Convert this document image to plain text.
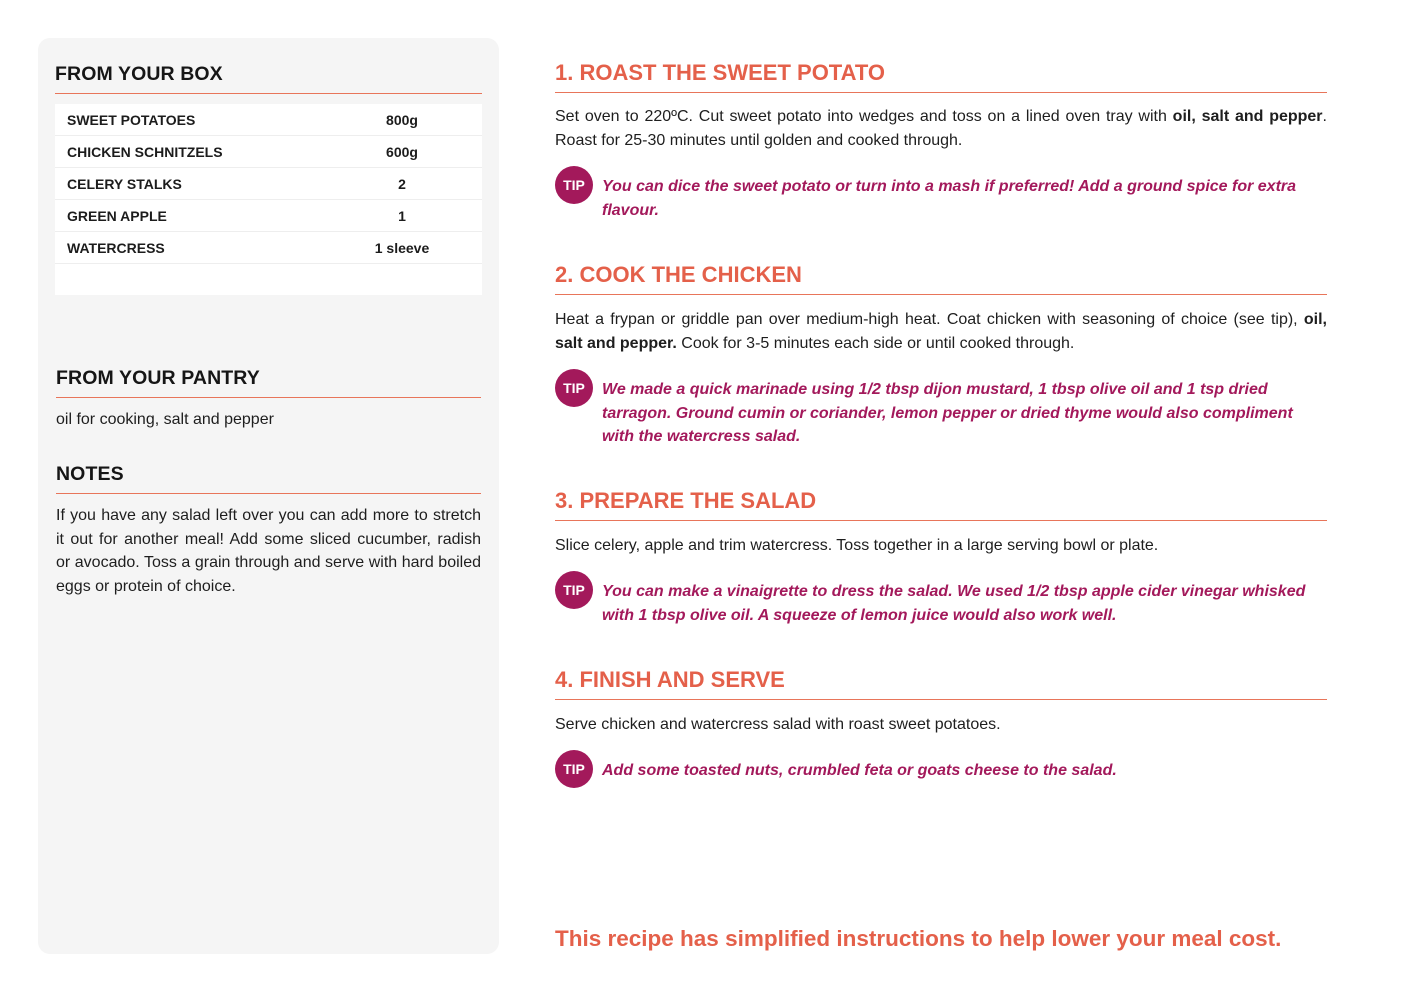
FROM YOUR BOX
SWEET POTATOES	800g
CHICKEN SCHNITZELS	600g
CELERY STALKS	2
GREEN APPLE	1
WATERCRESS	1 sleeve
FROM YOUR PANTRY

oil for cooking, salt and pepper

NOTES

If you have any salad left over you can add more to stretch it out for another meal! Add some sliced cucumber, radish or avocado. Toss a grain through and serve with hard boiled eggs or protein of choice.

1. ROAST THE SWEET POTATO

Set oven to 220ºC. Cut sweet potato into wedges and toss on a lined oven tray with oil, salt and pepper. Roast for 25-30 minutes until golden and cooked through.

TIP	You can dice the sweet potato or turn into a mash if preferred! Add a ground spice for extra flavour.

2. COOK THE CHICKEN

Heat a frypan or griddle pan over medium-high heat. Coat chicken with seasoning of choice (see tip), oil, salt and pepper. Cook for 3-5 minutes each side or until cooked through.

TIP	We made a quick marinade using 1/2 tbsp dijon mustard, 1 tbsp olive oil and 1 tsp dried tarragon. Ground cumin or coriander, lemon pepper or dried thyme would also compliment with the watercress salad.

3. PREPARE THE SALAD

Slice celery, apple and trim watercress. Toss together in a large serving bowl or plate.

TIP	You can make a vinaigrette to dress the salad. We used 1/2 tbsp apple cider vinegar whisked with 1 tbsp olive oil. A squeeze of lemon juice would also work well.

4. FINISH AND SERVE

Serve chicken and watercress salad with roast sweet potatoes.

TIP	Add some toasted nuts, crumbled feta or goats cheese to the salad.

This recipe has simplified instructions to help lower your meal cost.
